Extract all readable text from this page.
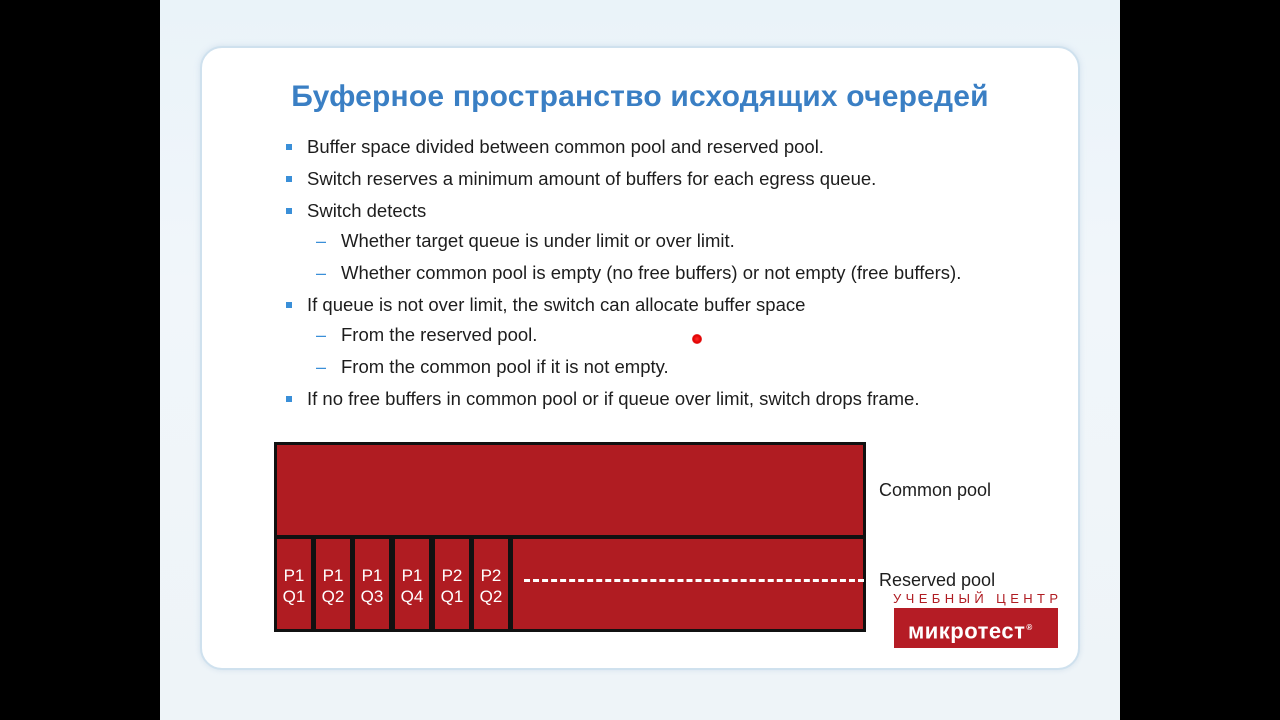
Буферное пространство исходящих очередей
Buffer space divided between common pool and reserved pool.
Switch reserves a minimum amount of buffers for each egress queue.
Switch detects
– Whether target queue is under limit or over limit.
– Whether common pool is empty (no free buffers) or not empty (free buffers).
If queue is not over limit, the switch can allocate buffer space
– From the reserved pool.
– From the common pool if it is not empty.
If no free buffers in common pool or if queue over limit, switch drops frame.
P1
Q1
P1
Q2
P1
Q3
P1
Q4
P2
Q1
P2
Q2
Common pool
Reserved pool
УЧЕБНЫЙ ЦЕНТР
микротест®
